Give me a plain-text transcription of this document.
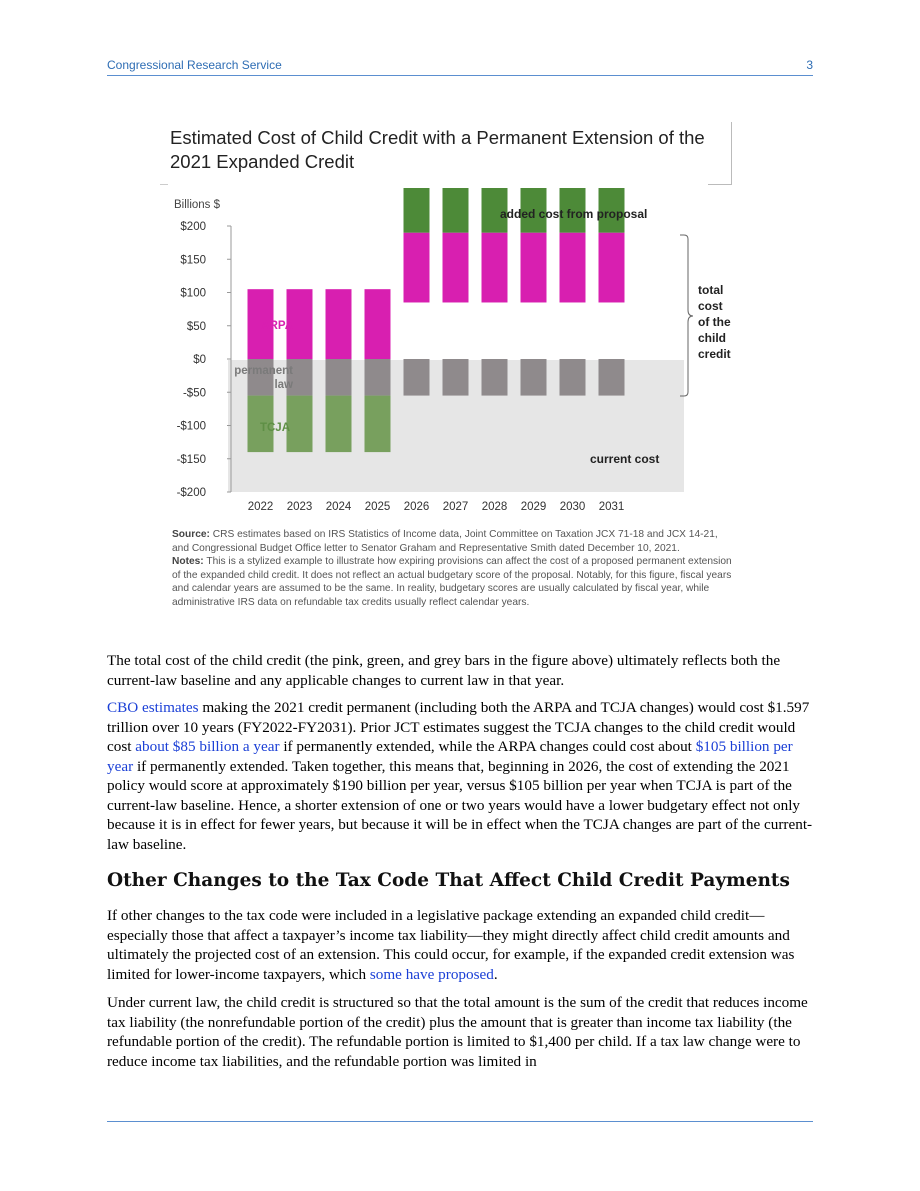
Congressional Research Service	3
Estimated Cost of Child Credit with a Permanent Extension of the 2021 Expanded Credit
Billions $
$200
$150
$100
$50
$0
-$50
-$100
-$150
-$200
2022 2023 2024 2025 2026 2027 2028 2029 2030 2031
ARPA
permanent
law
TCJA
added cost from proposal
current cost
total
cost
of the
child
credit
Source: CRS estimates based on IRS Statistics of Income data, Joint Committee on Taxation JCX 71-18 and JCX 14-21, and Congressional Budget Office letter to Senator Graham and Representative Smith dated December 10, 2021.
Notes: This is a stylized example to illustrate how expiring provisions can affect the cost of a proposed permanent extension of the expanded child credit. It does not reflect an actual budgetary score of the proposal. Notably, for this figure, fiscal years and calendar years are assumed to be the same. In reality, budgetary scores are usually calculated by fiscal year, while administrative IRS data on refundable tax credits usually reflect calendar years.
The total cost of the child credit (the pink, green, and grey bars in the figure above) ultimately reflects both the current-law baseline and any applicable changes to current law in that year.
CBO estimates making the 2021 credit permanent (including both the ARPA and TCJA changes) would cost $1.597 trillion over 10 years (FY2022-FY2031). Prior JCT estimates suggest the TCJA changes to the child credit would cost about $85 billion a year if permanently extended, while the ARPA changes could cost about $105 billion per year if permanently extended. Taken together, this means that, beginning in 2026, the cost of extending the 2021 policy would score at approximately $190 billion per year, versus $105 billion per year when TCJA is part of the current-law baseline. Hence, a shorter extension of one or two years would have a lower budgetary effect not only because it is in effect for fewer years, but because it will be in effect when the TCJA changes are part of the current-law baseline.
Other Changes to the Tax Code That Affect Child Credit Payments
If other changes to the tax code were included in a legislative package extending an expanded child credit—especially those that affect a taxpayer’s income tax liability—they might directly affect child credit amounts and ultimately the projected cost of an extension. This could occur, for example, if the expanded credit extension was limited for lower-income taxpayers, which some have proposed.
Under current law, the child credit is structured so that the total amount is the sum of the credit that reduces income tax liability (the nonrefundable portion of the credit) plus the amount that is greater than income tax liability (the refundable portion of the credit). The refundable portion is limited to $1,400 per child. If a tax law change were to reduce income tax liabilities, and the refundable portion was limited in
